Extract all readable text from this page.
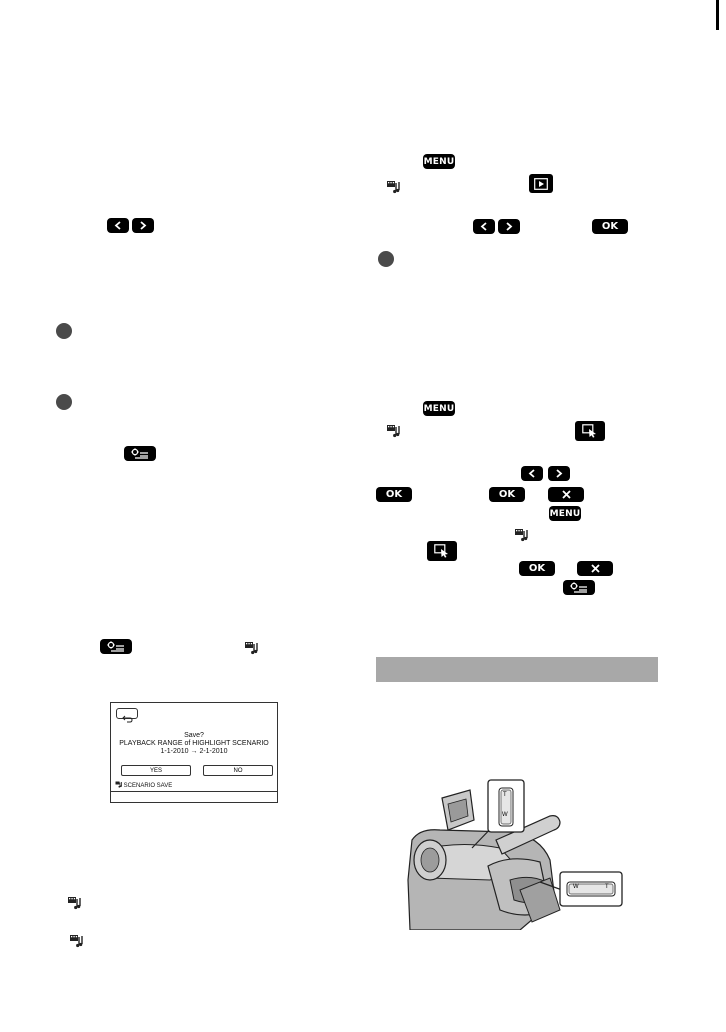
Save?
PLAYBACK RANGE of HIGHLIGHT SCENARIO
1-1-2010 → 2-1-2010
YES	NO
SCENARIO SAVE
MENU
OK
MENU
OK	OK
MENU
OK
T
W
W	T
